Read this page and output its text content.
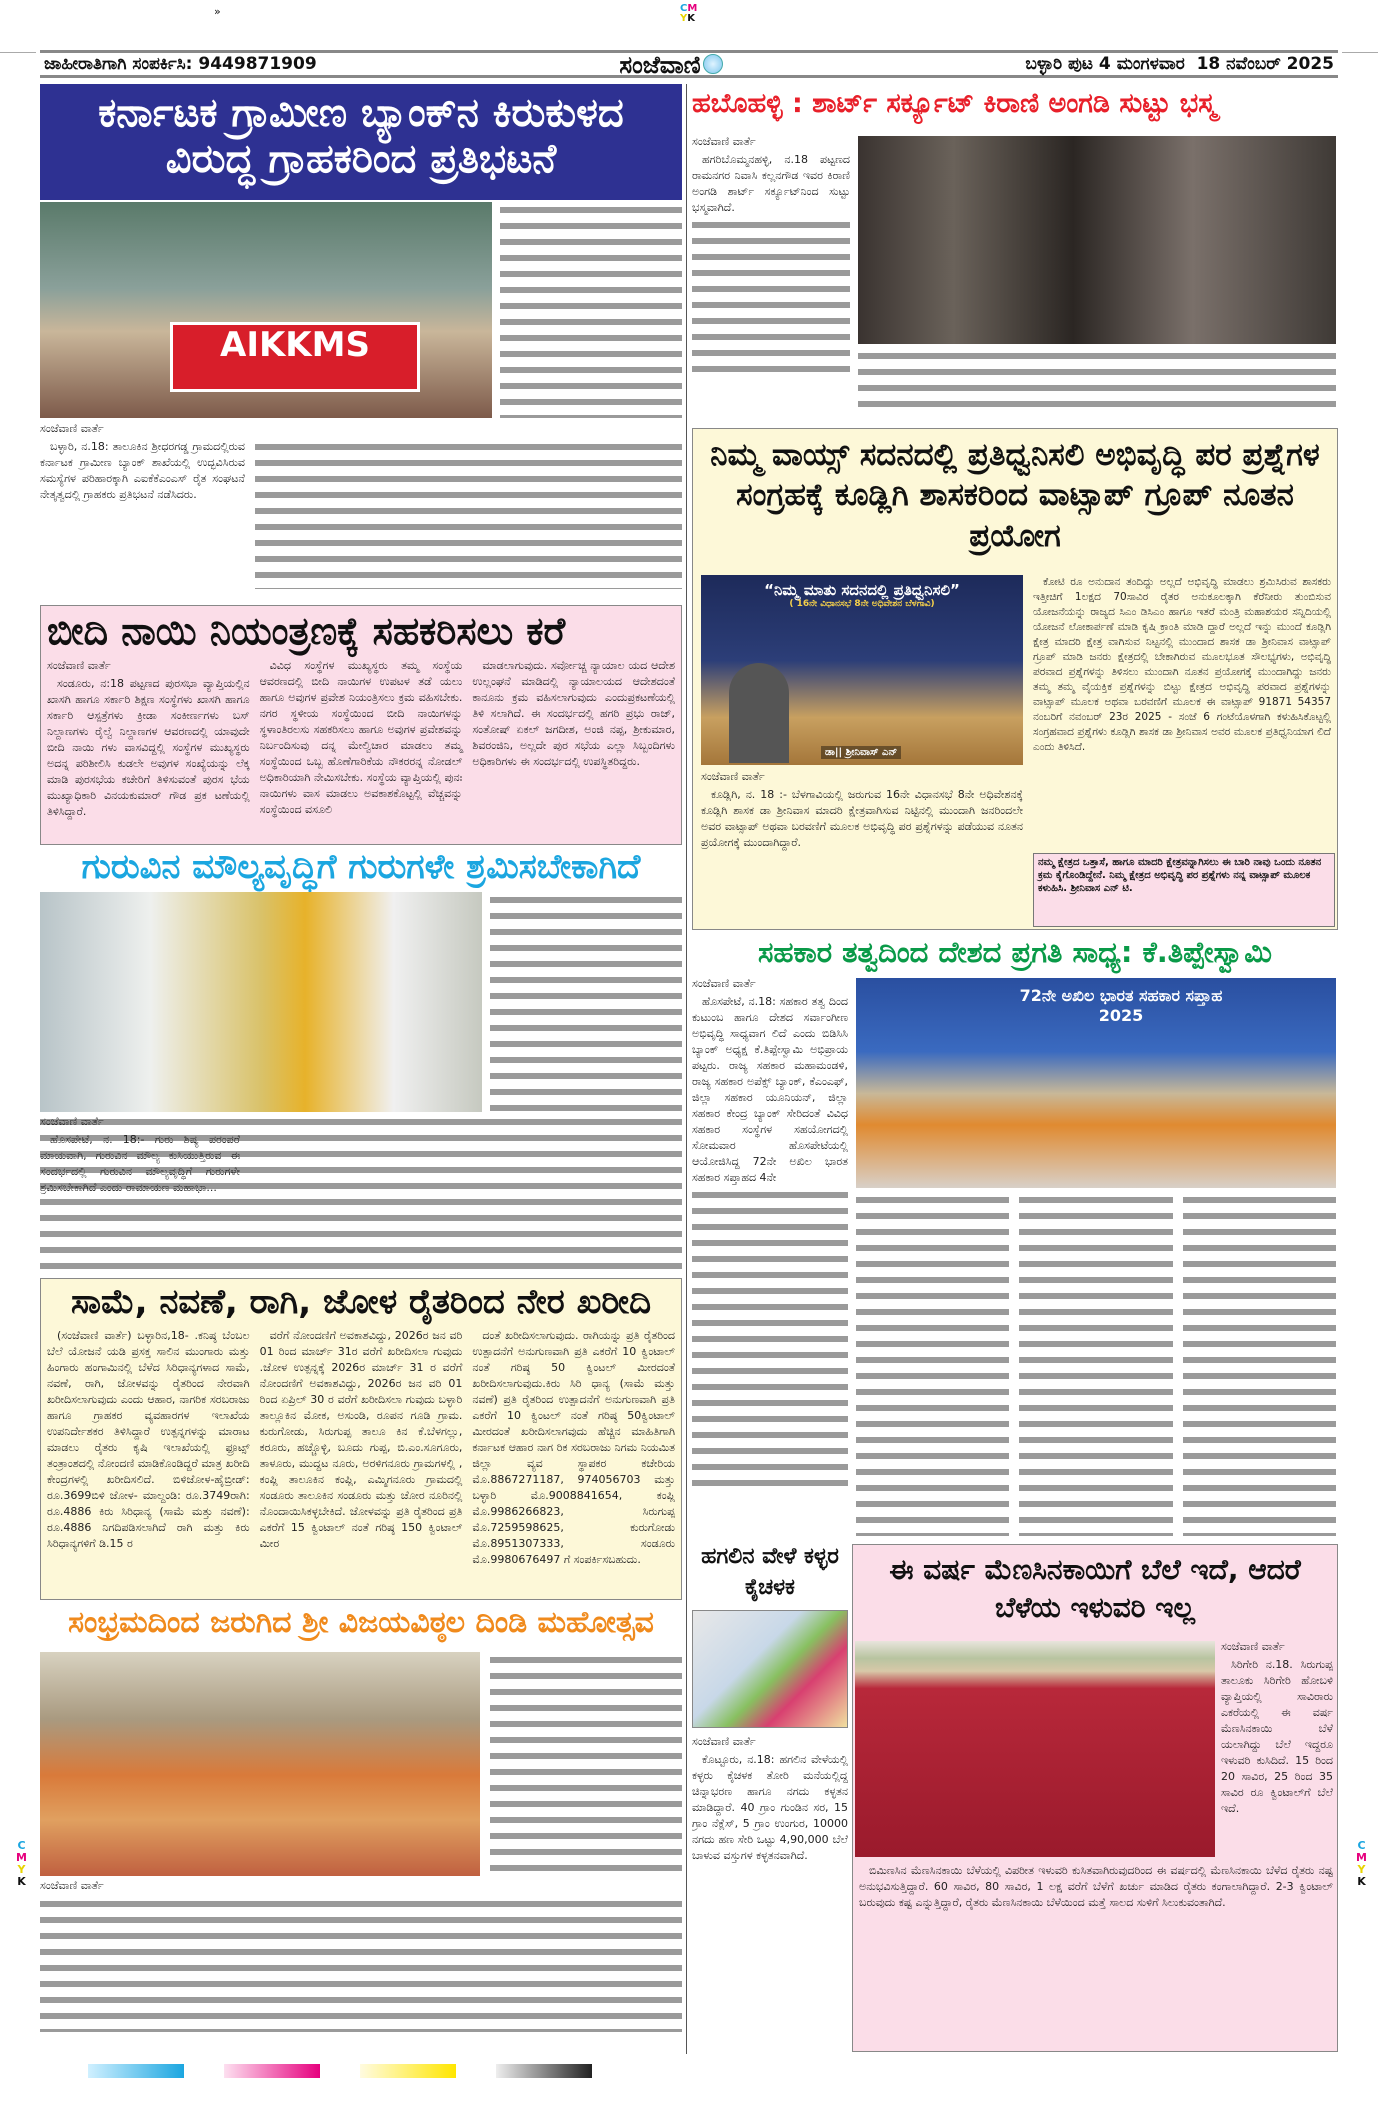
CM
YK
»
ಜಾಹೀರಾತಿಗಾಗಿ ಸಂಪರ್ಕಿಸಿ: 9449871909	ಸಂಜೆವಾಣಿ	ಬಳ್ಳಾರಿ ಪುಟ 4 ಮಂಗಳವಾರ 18 ನವೆಂಬರ್ 2025
ಕರ್ನಾಟಕ ಗ್ರಾಮೀಣ ಬ್ಯಾಂಕ್‌ನ ಕಿರುಕುಳದ ವಿರುದ್ಧ ಗ್ರಾಹಕರಿಂದ ಪ್ರತಿಭಟನೆ
AIKKMS
ಸಂಜೆವಾಣಿ ವಾರ್ತೆ

ಬಳ್ಳಾರಿ, ನ.18: ತಾಲೂಕಿನ ಶ್ರೀಧರಗಡ್ಡ ಗ್ರಾಮದಲ್ಲಿರುವ ಕರ್ನಾಟಕ ಗ್ರಾಮೀಣ ಬ್ಯಾಂಕ್ ಶಾಖೆಯಲ್ಲಿ ಉದ್ಭವಿಸಿರುವ ಸಮಸ್ಯೆಗಳ ಪರಿಹಾರಕ್ಕಾಗಿ ಎಐಕೆಕೆಎಂಎಸ್ ರೈತ ಸಂಘಟನೆ ನೇತೃತ್ವದಲ್ಲಿ ಗ್ರಾಹಕರು ಪ್ರತಿಭಟನೆ ನಡೆಸಿದರು.

ಬೀದಿ ನಾಯಿ ನಿಯಂತ್ರಣಕ್ಕೆ ಸಹಕರಿಸಲು ಕರೆ
ಸಂಜೆವಾಣಿ ವಾರ್ತೆ

ಸಂಡೂರು, ನ:18 ಪಟ್ಟಣದ ಪುರಸಭಾ ವ್ಯಾಪ್ತಿಯಲ್ಲಿನ ಖಾಸಗಿ ಹಾಗೂ ಸರ್ಕಾರಿ ಶಿಕ್ಷಣ ಸಂಸ್ಥೆಗಳು ಖಾಸಗಿ ಹಾಗೂ ಸರ್ಕಾರಿ ಆಸ್ಪತ್ರೆಗಳು ಕ್ರೀಡಾ ಸಂಕೀರ್ಣಗಳು ಬಸ್ ನಿಲ್ದಾಣಗಳು ರೈಲ್ವೆ ನಿಲ್ದಾಣಗಳ ಆವರಣದಲ್ಲಿ ಯಾವುದೇ ಬೀದಿ ನಾಯಿ ಗಳು ವಾಸವಿದ್ದಲ್ಲಿ ಸಂಸ್ಥೆಗಳ ಮುಖ್ಯಸ್ಥರು ಅದನ್ನ ಪರಿಶೀಲಿಸಿ ಕುಡಲೇ ಅವುಗಳ ಸಂಖ್ಯೆಯನ್ನು ಲೆಕ್ಕ ಮಾಡಿ ಪುರಸಭೆಯ ಕಚೇರಿಗೆ ತಿಳಿಸುವಂತೆ ಪುರಸ ಭೆಯ ಮುಖ್ಯಾಧಿಕಾರಿ ವಿನಯಕುಮಾರ್ ಗೌಡ ಪ್ರಕ ಟಣೆಯಲ್ಲಿ ತಿಳಿಸಿದ್ದಾರೆ.

ವಿವಿಧ ಸಂಸ್ಥೆಗಳ ಮುಖ್ಯಸ್ಥರು ತಮ್ಮ ಸಂಸ್ಥೆಯ ಆವರಣದಲ್ಲಿ ಬೀದಿ ನಾಯಿಗಳ ಉಪಟಳ ತಡೆ ಯಲು ಹಾಗೂ ಅವುಗಳ ಪ್ರವೇಶ ನಿಯಂತ್ರಿಸಲು ಕ್ರಮ ವಹಿಸಬೇಕು. ನಗರ ಸ್ಥಳೀಯ ಸಂಸ್ಥೆಯಿಂದ ಬೀದಿ ನಾಯಿಗಳನ್ನು ಸ್ಥಳಾಂತಿರಲಸು ಸಹಕರಿಸಲು ಹಾಗೂ ಅವುಗಳ ಪ್ರವೇಶವನ್ನು ನಿರ್ಬಂದಿಸುವು ದನ್ನ ಮೇಲ್ವಿಚಾರ ಮಾಡಲು ತಮ್ಮ ಸಂಸ್ಥೆಯಿಂದ ಒಬ್ಬ ಹೊಣೆಗಾರಿಕೆಯ ನೌಕರರನ್ನ ನೋಡಲ್ ಅಧಿಕಾರಿಯಾಗಿ ನೇಮಿಸಬೇಕು. ಸಂಸ್ಥೆಯ ವ್ಯಾಪ್ತಿಯಲ್ಲಿ ಪುನಃ ನಾಯಿಗಳು ವಾಸ ಮಾಡಲು ಅವಕಾಶಕೊಟ್ಟಲ್ಲಿ ವೆಚ್ಚವನ್ನು ಸಂಸ್ಥೆಯಿಂದ ವಸೂಲಿ

ಮಾಡಲಾಗುವುದು. ಸರ್ವೋಚ್ಚ ನ್ಯಾಯಾಲ ಯದ ಆದೇಶ ಉಲ್ಲಂಘನೆ ಮಾಡಿದಲ್ಲಿ ನ್ಯಾಯಾಲಯದ ಆದೇಶದಂತೆ ಕಾನೂನು ಕ್ರಮ ವಹಿಸಲಾಗುವುದು ಎಂದುಪ್ರಕಟಣೆಯಲ್ಲಿ ತಿಳಿ ಸಲಾಗಿದೆ. ಈ ಸಂದರ್ಭದಲ್ಲಿ ಹಗರಿ ಪ್ರಭು ರಾಜ್, ಸಂತೋಷ್ ಏಕಲ್ ಜಗದೀಶ, ಅಂಜಿ ನಪ್ಪ, ಶ್ರೀಕುಮಾರ, ಶಿವರಂಜಿನಿ, ಅಲ್ಲದೇ ಪುರ ಸಭೆಯ ಎಲ್ಲಾ ಸಿಬ್ಬಂದಿಗಳು ಅಧಿಕಾರಿಗಳು ಈ ಸಂದರ್ಭದಲ್ಲಿ ಉಪಸ್ಥಿತರಿದ್ದರು.

ಗುರುವಿನ ಮೌಲ್ಯವೃದ್ಧಿಗೆ ಗುರುಗಳೇ ಶ್ರಮಿಸಬೇಕಾಗಿದೆ
ಸಂಜೆವಾಣಿ ವಾರ್ತೆ

ಹೊಸಪೇಟೆ, ನ. 18:- ಗುರು ಶಿಷ್ಯ ಪರಂಪರೆ ಮಾಯವಾಗಿ, ಗುರುವಿನ ಮೌಲ್ಯ ಕುಸಿಯುತ್ತಿರುವ ಈ ಸಂದರ್ಭದಲ್ಲಿ ಗುರುವಿನ ಮೌಲ್ಯವೃದ್ಧಿಗೆ ಗುರುಗಳೇ ಶ್ರಮಿಸಬೇಕಾಗಿದೆ ಎಂದು ರಾಮಾಯಣ ಮಹಾಭಾ...

ಸಾಮೆ, ನವಣೆ, ರಾಗಿ, ಜೋಳ ರೈತರಿಂದ ನೇರ ಖರೀದಿ

(ಸಂಜೆವಾಣಿ ವಾರ್ತೆ) ಬಳ್ಳಾರಿನ,18- .ಕನಿಷ್ಠ ಬೆಂಬಲ ಬೆಲೆ ಯೋಜನೆ ಯಡಿ ಪ್ರಸಕ್ತ ಸಾಲಿನ ಮುಂಗಾರು ಮತ್ತು ಹಿಂಗಾರು ಹಂಗಾಮಿನಲ್ಲಿ ಬೆಳೆದ ಸಿರಿಧಾನ್ಯಗಳಾದ ಸಾಮೆ, ನವಣೆ, ರಾಗಿ, ಜೋಳವನ್ನು ರೈತರಿಂದ ನೇರವಾಗಿ ಖರೀದಿಸಲಾಗುವುದು ಎಂದು ಆಹಾರ, ನಾಗರಿಕ ಸರಬರಾಜು ಹಾಗೂ ಗ್ರಾಹಕರ ವ್ಯವಹಾರಗಳ ಇಲಾಖೆಯ ಉಪನಿರ್ದೇಶಕರ ತಿಳಿಸಿದ್ದಾರೆ ಉತ್ಪನ್ನಗಳನ್ನು ಮಾರಾಟ ಮಾಡಲು ರೈತರು ಕೃಷಿ ಇಲಾಖೆಯಲ್ಲಿ ಫ್ರೂಟ್ಸ್ ತಂತ್ರಾಂಶದಲ್ಲಿ ನೋಂದಣಿ ಮಾಡಿಕೊಂಡಿದ್ದರೆ ಮಾತ್ರ ಖರೀದಿ ಕೇಂದ್ರಗಳಲ್ಲಿ ಖರೀದಿಸಲಿದೆ. ಬಿಳಿಜೋಳ-ಹೈಬ್ರೀಡ್: ರೂ.3699ಬಿಳಿ ಜೋಳ- ಮಾಲ್ದಂಡಿ: ರೂ.3749ರಾಗಿ: ರೂ.4886 ಕಿರು ಸಿರಿಧಾನ್ಯ (ಸಾಮೆ ಮತ್ತು ನವಣೆ): ರೂ.4886 ನಿಗದಿಪಡಿಸಲಾಗಿದೆ ರಾಗಿ ಮತ್ತು ಕಿರು ಸಿರಿಧಾನ್ಯಗಳಿಗೆ ಡಿ.15 ರ

ವರೆಗೆ ನೋಂದಣಿಗೆ ಅವಕಾಶವಿದ್ದು, 2026ರ ಜನ ವರಿ 01 ರಿಂದ ಮಾರ್ಚ್ 31ರ ವರೆಗೆ ಖರೀದಿಸಲಾ ಗುವುದು .ಜೋಳ ಉತ್ಪನ್ನಕ್ಕೆ 2026ರ ಮಾರ್ಚ್ 31 ರ ವರೆಗೆ ನೋಂದಣಿಗೆ ಅವಕಾಶವಿದ್ದು, 2026ರ ಜನ ವರಿ 01 ರಿಂದ ಏಪ್ರಿಲ್ 30 ರ ವರೆಗೆ ಖರೀದಿಸಲಾ ಗುವುದು ಬಳ್ಳಾರಿ ತಾಲ್ಲೂಕಿನ ಮೋಕ, ಅಸುಂಡಿ, ರೂಪನ ಗೂಡಿ ಗ್ರಾಮ. ಕುರುಗೋಡು, ಸಿರುಗುಪ್ಪ ತಾಲೂ ಕಿನ ಕೆ.ಬೆಳಗಲ್ಲು, ಕರೂರು, ಹಚ್ಚೊಳ್ಳಿ, ಬೂದು ಗುಪ್ಪ, ಬಿ.ಎಂ.ಸೂಗೂರು, ತಾಳೂರು, ಮುದ್ದಟ ನೂರು, ಅರಳಿಗನೂರು ಗ್ರಾಮಗಳಲ್ಲಿ , ಕಂಪ್ಲಿ ತಾಲೂಕಿನ ಕಂಪ್ಲಿ, ಎಮ್ಮಿಗನೂರು ಗ್ರಾಮದಲ್ಲಿ ಸಂಡೂರು ತಾಲೂಕಿನ ಸಂಡೂರು ಮತ್ತು ಚೋರ ನೂರಿನಲ್ಲಿ ನೊಂದಾಯಿಸಿಕಳ್ಳಬೇಕಿದೆ. ಜೋಳವನ್ನು ಪ್ರತಿ ರೈತರಿಂದ ಪ್ರತಿ ಎಕರೆಗೆ 15 ಕ್ವಿಂಟಾಲ್ ನಂತೆ ಗರಿಷ್ಠ 150 ಕ್ವಿಂಟಾಲ್ ಮೀರ

ದಂತೆ ಖರೀದಿಸಲಾಗುವುದು. ರಾಗಿಯನ್ನು ಪ್ರತಿ ರೈತರಿಂದ ಉತ್ಪಾದನೆಗೆ ಅನುಗುಣವಾಗಿ ಪ್ರತಿ ಎಕರೆಗೆ 10 ಕ್ವಿಂಟಾಲ್ ನಂತೆ ಗರಿಷ್ಠ 50 ಕ್ವಿಂಟಲ್ ಮೀರದಂತೆ ಖರೀದಿಸಲಾಗುವುದು.ಕಿರು ಸಿರಿ ಧಾನ್ಯ (ಸಾಮೆ ಮತ್ತು ನವಣೆ) ಪ್ರತಿ ರೈತರಿಂದ ಉತ್ಪಾದನೆಗೆ ಅನುಗುಣವಾಗಿ ಪ್ರತಿ ಎಕರೆಗೆ 10 ಕ್ವಿಂಟಲ್ ನಂತೆ ಗರಿಷ್ಠ 50ಕ್ವಿಂಟಾಲ್ ಮೀರದಂತೆ ಖರೀದಿಸಲಾಗವುದು ಹೆಚ್ಚಿನ ಮಾಹಿತಿಗಾಗಿ ಕರ್ನಾಟಕ ಆಹಾರ ನಾಗ ರಿಕ ಸರಬರಾಜು ನಿಗಮ ನಿಯಮಿತ ಜಿಲ್ಲಾ ವ್ಯವ ಸ್ಥಾಪಕರ ಕಚೇರಿಯ ಮೊ.8867271187, 974056703 ಮತ್ತು ಬಳ್ಳಾರಿ ಮೊ.9008841654, ಕಂಪ್ಲಿ ಮೊ.9986266823, ಸಿರುಗುಪ್ಪ ಮೊ.7259598625, ಕುರುಗೋಡು ಮೊ.8951307333, ಸಂಡೂರು ಮೊ.9980676497 ಗೆ ಸಂಪರ್ಕಿಸಬಹುದು.

ಸಂಭ್ರಮದಿಂದ ಜರುಗಿದ ಶ್ರೀ ವಿಜಯವಿಠ್ಠಲ ದಿಂಡಿ ಮಹೋತ್ಸವ
ಸಂಜೆವಾಣಿ ವಾರ್ತೆ
ಹಬೊಹಳ್ಳಿ : ಶಾರ್ಟ್ ಸರ್ಕ್ಯೂಟ್ ಕಿರಾಣಿ ಅಂಗಡಿ ಸುಟ್ಟು ಭಸ್ಮ
ಸಂಜೆವಾಣಿ ವಾರ್ತೆ

ಹಗರಿಬೊಮ್ಮನಹಳ್ಳಿ, ನ.18 ಪಟ್ಟಣದ ರಾಮನಗರ ನಿವಾಸಿ ಕಲ್ಲನಗೌಡ ಇವರ ಕಿರಾಣಿ ಅಂಗಡಿ ಶಾರ್ಟ್ ಸರ್ಕ್ಯೂಟ್‌ನಿಂದ ಸುಟ್ಟು ಭಸ್ಮವಾಗಿದೆ.

ನಿಮ್ಮ ವಾಯ್ಸ್ ಸದನದಲ್ಲಿ ಪ್ರತಿಧ್ವನಿಸಲಿ ಅಭಿವೃದ್ಧಿ ಪರ ಪ್ರಶ್ನೆಗಳ ಸಂಗ್ರಹಕ್ಕೆ ಕೂಡ್ಲಿಗಿ ಶಾಸಕರಿಂದ ವಾಟ್ಸಾಪ್ ಗ್ರೂಪ್ ನೂತನ ಪ್ರಯೋಗ
“ನಿಮ್ಮ ಮಾತು ಸದನದಲ್ಲಿ ಪ್ರತಿಧ್ವನಿಸಲಿ”
( 16ನೇ ವಿಧಾನಸಭೆ 8ನೇ ಅಧಿವೇಶನ ಬೆಳಗಾವಿ)
ಡಾ|| ಶ್ರೀನಿವಾಸ್ ಎನ್
ಸಂಜೆವಾಣಿ ವಾರ್ತೆ

ಕೂಡ್ಲಿಗಿ, ನ. 18 :- ಬೆಳಗಾವಿಯಲ್ಲಿ ಜರುಗುವ 16ನೇ ವಿಧಾನಸಭೆ 8ನೇ ಅಧಿವೇಶನಕ್ಕೆ ಕೂಡ್ಲಿಗಿ ಶಾಸಕ ಡಾ ಶ್ರೀನಿವಾಸ ಮಾದರಿ ಕ್ಷೇತ್ರವಾಗಿಸುವ ನಿಟ್ಟಿನಲ್ಲಿ ಮುಂದಾಗಿ ಜನರಿಂದಲೇ ಅವರ ವಾಟ್ಸಾಪ್ ಅಥವಾ ಬರವಣಿಗೆ ಮೂಲಕ ಅಭಿವೃದ್ಧಿ ಪರ ಪ್ರಶ್ನೆಗಳನ್ನು ಪಡೆಯುವ ನೂತನ ಪ್ರಯೋಗಕ್ಕೆ ಮುಂದಾಗಿದ್ದಾರೆ.

ಕೋಟಿ ರೂ ಅನುದಾನ ತಂದಿದ್ದು ಅಲ್ಲದೆ ಅಭಿವೃದ್ಧಿ ಮಾಡಲು ಶ್ರಮಿಸಿರುವ ಶಾಸಕರು ಇತ್ತೀಚಿಗೆ 1ಲಕ್ಷದ 70ಸಾವಿರ ರೈತರ ಅನುಕೂಲಕ್ಕಾಗಿ ಕೆರೆನೀರು ತುಂಬಿಸುವ ಯೋಜನೆಯನ್ನು ರಾಜ್ಯದ ಸಿಎಂ ಡಿಸಿಎಂ ಹಾಗೂ ಇತರೆ ಮಂತ್ರಿ ಮಹಾಶಯರ ಸನ್ನಿದಿಯಲ್ಲಿ ಯೋಜನೆ ಲೋಕಾರ್ಪಣೆ ಮಾಡಿ ಕೃಷಿ ಕ್ರಾಂತಿ ಮಾಡಿ ದ್ದಾರೆ ಅಲ್ಲದೆ ಇನ್ನು ಮುಂದೆ ಕೂಡ್ಲಿಗಿ ಕ್ಷೇತ್ರ ಮಾದರಿ ಕ್ಷೇತ್ರ ವಾಗಿಸುವ ನಿಟ್ಟನಲ್ಲಿ ಮುಂದಾದ ಶಾಸಕ ಡಾ ಶ್ರೀನಿವಾಸ ವಾಟ್ಸಾಪ್ ಗ್ರೂಪ್ ಮಾಡಿ ಜನರು ಕ್ಷೇತ್ರದಲ್ಲಿ ಬೇಕಾಗಿರುವ ಮೂಲಭೂತ ಸೌಲಭ್ಯಗಳು, ಅಭಿವೃದ್ಧಿ ಪರವಾದ ಪ್ರಶ್ನೆಗಳನ್ನು ತಿಳಿಸಲು ಮುಂದಾಗಿ ನೂತನ ಪ್ರಯೋಗಕ್ಕೆ ಮುಂದಾಗಿದ್ದು ಜನರು ತಮ್ಮ ತಮ್ಮ ವೈಯಕ್ತಿಕ ಪ್ರಶ್ನೆಗಳನ್ನು ಬಿಟ್ಟು ಕ್ಷೇತ್ರದ ಅಭಿವೃದ್ಧಿ ಪರವಾದ ಪ್ರಶ್ನೆಗಳನ್ನು ವಾಟ್ಸಾಪ್ ಮೂಲಕ ಅಥವಾ ಬರವಣಿಗೆ ಮೂಲಕ ಈ ವಾಟ್ಸಾಪ್ 91871 54357 ನಂಬರಿಗೆ ನವಂಬರ್ 23ರ 2025 - ಸಂಜೆ 6 ಗಂಟೆಯೊಳಗಾಗಿ ಕಳುಹಿಸಿಕೊಟ್ಟಲ್ಲಿ ಸಂಗ್ರಹವಾದ ಪ್ರಶ್ನೆಗಳು ಕೂಡ್ಲಿಗಿ ಶಾಸಕ ಡಾ ಶ್ರೀನಿವಾಸ ಅವರ ಮೂಲಕ ಪ್ರತಿಧ್ವನಿಯಾಗ ಲಿದೆ ಎಂದು ತಿಳಿಸಿದೆ.

ನಮ್ಮ ಕ್ಷೇತ್ರದ ಒತ್ತಾಸೆ, ಹಾಗೂ ಮಾದರಿ ಕ್ಷೇತ್ರವನ್ನಾಗಿಸಲು ಈ ಬಾರಿ ನಾವು ಒಂದು ನೂತನ ಕ್ರಮ ಕೈಗೊಂಡಿದ್ದೇನೆ. ನಿಮ್ಮ ಕ್ಷೇತ್ರದ ಅಭಿವೃದ್ಧಿ ಪರ ಪ್ರಶ್ನೆಗಳು ನನ್ನ ವಾಟ್ಸಾಪ್ ಮೂಲಕ ಕಳುಹಿಸಿ. ಶ್ರೀನಿವಾಸ ಎನ್ ಟಿ.
ಸಹಕಾರ ತತ್ವದಿಂದ ದೇಶದ ಪ್ರಗತಿ ಸಾಧ್ಯ: ಕೆ.ತಿಪ್ಪೇಸ್ವಾಮಿ
ಸಂಜೆವಾಣಿ ವಾರ್ತೆ

ಹೊಸಪೇಟೆ, ನ.18: ಸಹಕಾರ ತತ್ವ ದಿಂದ ಕುಟುಂಬ ಹಾಗೂ ದೇಶದ ಸರ್ವಾಂಗೀಣ ಅಭಿವೃದ್ಧಿ ಸಾಧ್ಯವಾಗ ಲಿದೆ ಎಂದು ಬಿಡಿಸಿಸಿ ಬ್ಯಾಂಕ್ ಅಧ್ಯಕ್ಷ ಕೆ.ತಿಪ್ಪೇಸ್ವಾಮಿ ಅಭಿಪ್ರಾಯ ಪಟ್ಟರು. ರಾಜ್ಯ ಸಹಕಾರ ಮಹಾಮಂಡಳಿ, ರಾಜ್ಯ ಸಹಕಾರ ಅಪೆಕ್ಸ್ ಬ್ಯಾಂಕ್, ಕೆಎಂಎಫ್, ಜಿಲ್ಲಾ ಸಹಕಾರ ಯೂನಿಯನ್, ಜಿಲ್ಲಾ ಸಹಕಾರ ಕೇಂದ್ರ ಬ್ಯಾಂಕ್ ಸೇರಿದಂತೆ ವಿವಿಧ ಸಹಕಾರ ಸಂಸ್ಥೆಗಳ ಸಹಯೋಗದಲ್ಲಿ ಸೋಮವಾರ ಹೊಸಪೇಟೆಯಲ್ಲಿ ಆಯೋಜಿಸಿದ್ದ 72ನೇ ಅಖಿಲ ಭಾರತ ಸಹಕಾರ ಸಪ್ತಾಹದ 4ನೇ

72ನೇ ಅಖಿಲ ಭಾರತ ಸಹಕಾರ ಸಪ್ತಾಹ 2025
ಹಗಲಿನ ವೇಳೆ ಕಳ್ಳರ ಕೈಚಳಕ
ಸಂಜೆವಾಣಿ ವಾರ್ತೆ

ಕೊಟ್ಟೂರು, ನ.18: ಹಗಲಿನ ವೇಳೆಯಲ್ಲಿ ಕಳ್ಳರು ಕೈಚಳಕ ತೋರಿ ಮನೆಯಲ್ಲಿದ್ದ ಚಿನ್ನಾಭರಣ ಹಾಗೂ ನಗದು ಕಳ್ಳತನ ಮಾಡಿದ್ದಾರೆ. 40 ಗ್ರಾಂ ಗುಂಡಿನ ಸರ, 15 ಗ್ರಾಂ ನೆಕ್ಲೆಸ್, 5 ಗ್ರಾಂ ಉಂಗುರ, 10000 ನಗದು ಹಣ ಸೇರಿ ಒಟ್ಟು 4,90,000 ಬೆಲೆ ಬಾಳುವ ವಸ್ತುಗಳ ಕಳ್ಳತನವಾಗಿದೆ.

ಈ ವರ್ಷ ಮೆಣಸಿನಕಾಯಿಗೆ ಬೆಲೆ ಇದೆ, ಆದರೆ ಬೆಳೆಯ ಇಳುವರಿ ಇಲ್ಲ
ಸಂಜೆವಾಣಿ ವಾರ್ತೆ

ಸಿರಿಗೇರಿ ನ.18. ಸಿರುಗುಪ್ಪ ತಾಲೂಕು ಸಿರಿಗೇರಿ ಹೋಬಳಿ ವ್ಯಾಪ್ತಿಯಲ್ಲಿ ಸಾವಿರಾರು ಎಕರೆಯಲ್ಲಿ ಈ ವರ್ಷ ಮೆಣಸಿನಕಾಯಿ ಬೆಳೆ ಯಲಾಗಿದ್ದು ಬೆಲೆ ಇದ್ದರೂ ಇಳುವರಿ ಕುಸಿದಿದೆ. 15 ರಿಂದ 20 ಸಾವಿರ, 25 ರಿಂದ 35 ಸಾವಿರ ರೂ ಕ್ವಿಂಟಾಲ್‌ಗೆ ಬೆಲೆ ಇದೆ.

ಬಿಮಿಣಸಿನ ಮೆಣಸಿನಕಾಯಿ ಬೆಳೆಯಲ್ಲಿ ವಿಪರೀತ ಇಳುವರಿ ಕುಸಿತವಾಗಿರುವುದರಿಂದ ಈ ವರ್ಷದಲ್ಲಿ ಮೆಣಸಿನಕಾಯಿ ಬೆಳೆದ ರೈತರು ನಷ್ಟ ಅನುಭವಿಸುತ್ತಿದ್ದಾರೆ. 60 ಸಾವಿರ, 80 ಸಾವಿರ, 1 ಲಕ್ಷ ವರೆಗೆ ಬೆಳೆಗೆ ಖರ್ಚು ಮಾಡಿದ ರೈತರು ಕಂಗಾಲಾಗಿದ್ದಾರೆ. 2-3 ಕ್ವಿಂಟಾಲ್ ಬರುವುದು ಕಷ್ಟ ಎನ್ನುತ್ತಿದ್ದಾರೆ, ರೈತರು ಮೆಣಸಿನಕಾಯಿ ಬೆಳೆಯಿಂದ ಮತ್ತೆ ಸಾಲದ ಸುಳಿಗೆ ಸಿಲುಕುವಂತಾಗಿದೆ.

C
M
Y
K
C
M
Y
K
